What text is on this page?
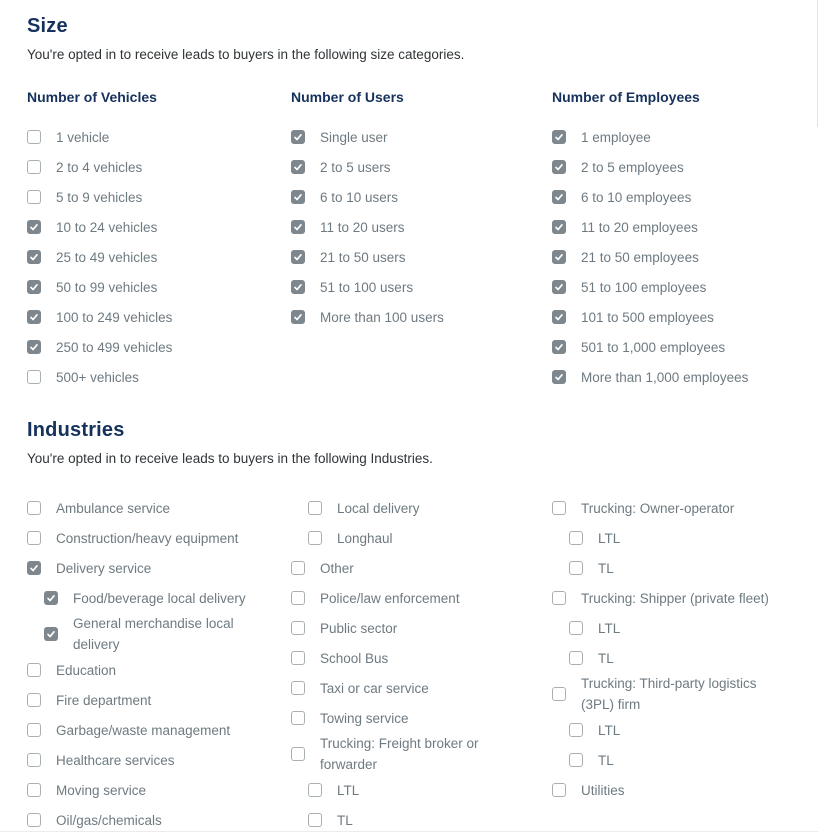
Size
You're opted in to receive leads to buyers in the following size categories.
Number of Vehicles
1 vehicle
2 to 4 vehicles
5 to 9 vehicles
10 to 24 vehicles
25 to 49 vehicles
50 to 99 vehicles
100 to 249 vehicles
250 to 499 vehicles
500+ vehicles
Number of Users
Single user
2 to 5 users
6 to 10 users
11 to 20 users
21 to 50 users
51 to 100 users
More than 100 users
Number of Employees
1 employee
2 to 5 employees
6 to 10 employees
11 to 20 employees
21 to 50 employees
51 to 100 employees
101 to 500 employees
501 to 1,000 employees
More than 1,000 employees
Industries
You're opted in to receive leads to buyers in the following Industries.
Ambulance service
Construction/heavy equipment
Delivery service
Food/beverage local delivery
General merchandise local delivery
Education
Fire department
Garbage/waste management
Healthcare services
Moving service
Oil/gas/chemicals
Local delivery
Longhaul
Other
Police/law enforcement
Public sector
School Bus
Taxi or car service
Towing service
Trucking: Freight broker or forwarder
LTL
TL
Trucking: Owner-operator
LTL
TL
Trucking: Shipper (private fleet)
LTL
TL
Trucking: Third-party logistics (3PL) firm
LTL
TL
Utilities
